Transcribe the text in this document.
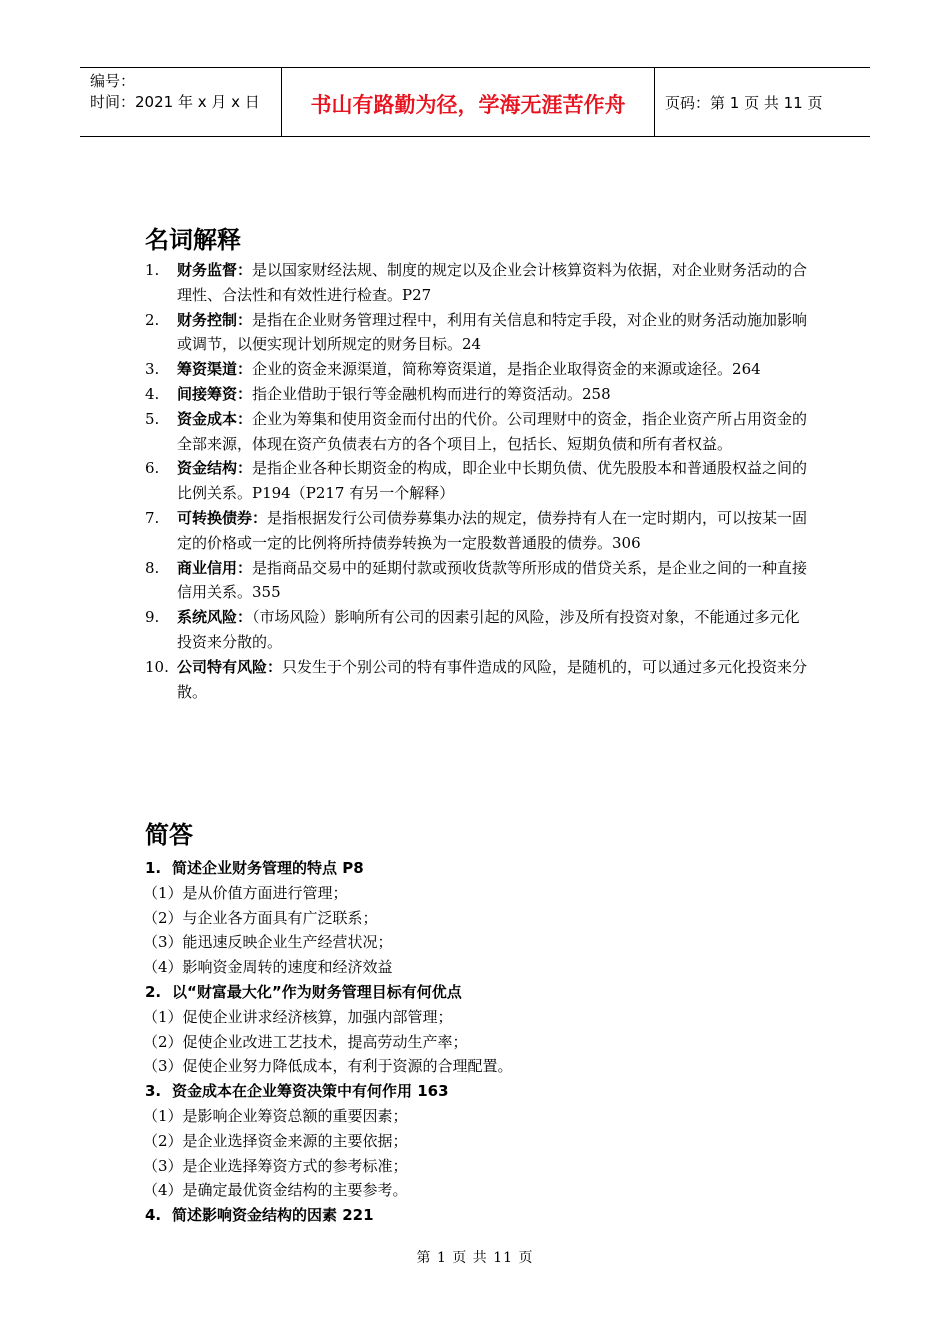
编号：
时间：2021 年 x 月 x 日	书山有路勤为径，学海无涯苦作舟	页码：第 1 页 共 11 页
名词解释
1. 财务监督：是以国家财经法规、制度的规定以及企业会计核算资料为依据，对企业财务活动的合理性、合法性和有效性进行检查。P27
2. 财务控制：是指在企业财务管理过程中，利用有关信息和特定手段，对企业的财务活动施加影响或调节，以便实现计划所规定的财务目标。24
3. 筹资渠道：企业的资金来源渠道，简称筹资渠道，是指企业取得资金的来源或途径。264
4. 间接筹资：指企业借助于银行等金融机构而进行的筹资活动。258
5. 资金成本：企业为筹集和使用资金而付出的代价。公司理财中的资金，指企业资产所占用资金的全部来源，体现在资产负债表右方的各个项目上，包括长、短期负债和所有者权益。
6. 资金结构：是指企业各种长期资金的构成，即企业中长期负债、优先股股本和普通股权益之间的比例关系。P194（P217 有另一个解释）
7. 可转换债券：是指根据发行公司债券募集办法的规定，债券持有人在一定时期内，可以按某一固定的价格或一定的比例将所持债券转换为一定股数普通股的债券。306
8. 商业信用：是指商品交易中的延期付款或预收货款等所形成的借贷关系，是企业之间的一种直接信用关系。355
9. 系统风险：（市场风险）影响所有公司的因素引起的风险，涉及所有投资对象，不能通过多元化投资来分散的。
10. 公司特有风险：只发生于个别公司的特有事件造成的风险，是随机的，可以通过多元化投资来分散。
简答
1. 简述企业财务管理的特点 P8
（1）是从价值方面进行管理；
（2）与企业各方面具有广泛联系；
（3）能迅速反映企业生产经营状况；
（4）影响资金周转的速度和经济效益
2. 以“财富最大化”作为财务管理目标有何优点
（1）促使企业讲求经济核算，加强内部管理；
（2）促使企业改进工艺技术，提高劳动生产率；
（3）促使企业努力降低成本，有利于资源的合理配置。
3. 资金成本在企业筹资决策中有何作用 163
（1）是影响企业筹资总额的重要因素；
（2）是企业选择资金来源的主要依据；
（3）是企业选择筹资方式的参考标准；
（4）是确定最优资金结构的主要参考。
4. 简述影响资金结构的因素 221
第 1 页 共 11 页
